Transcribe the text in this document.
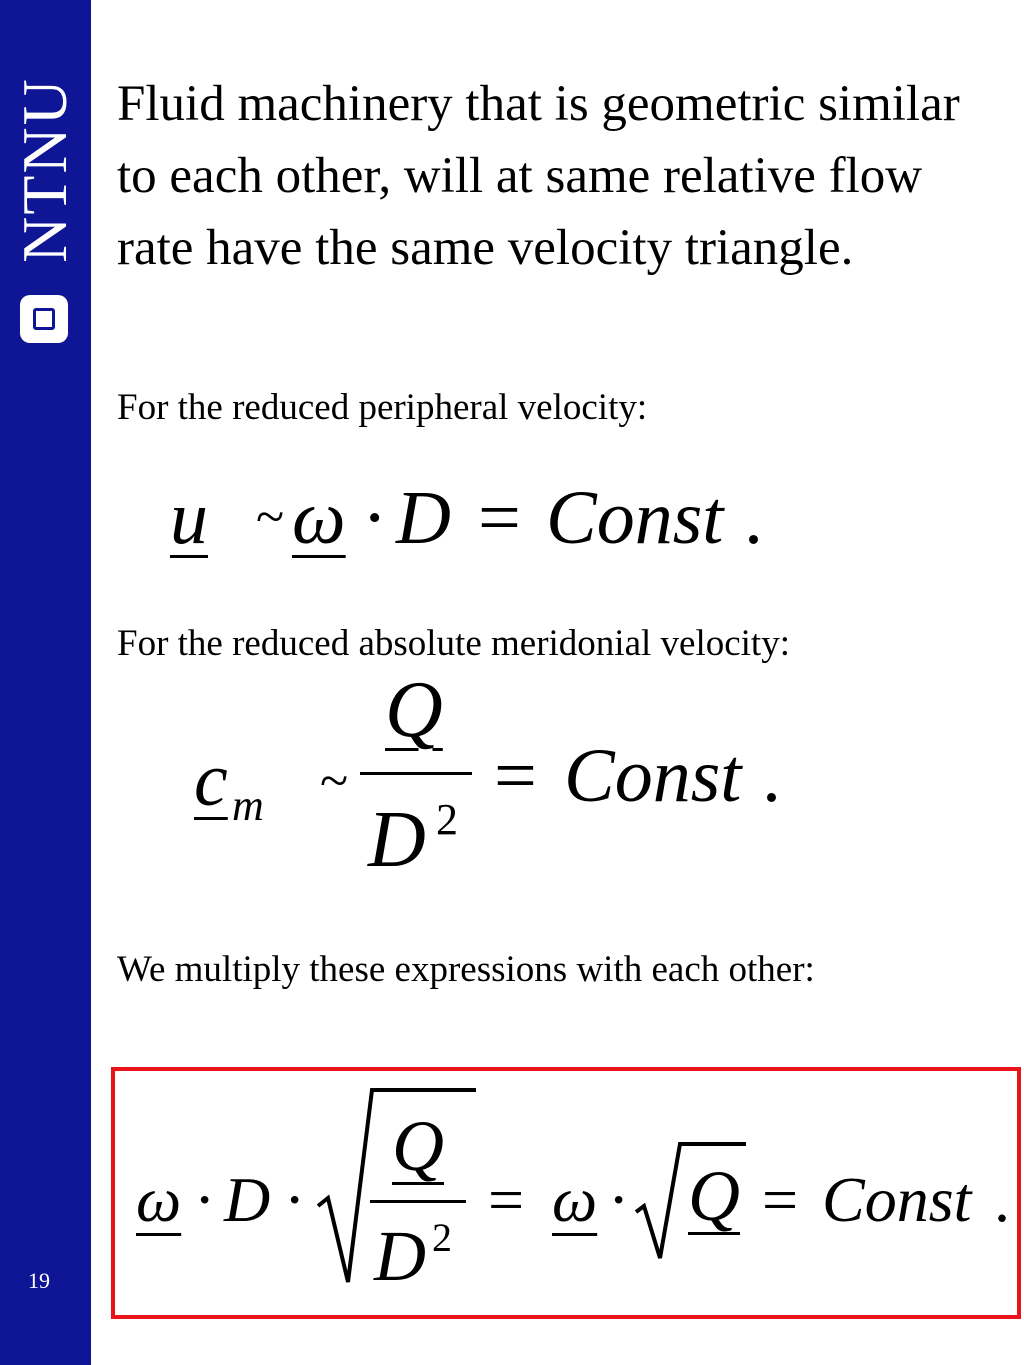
NTNU
19

Fluid machinery that is geometric similar to each other, will at same relative flow rate have the same velocity triangle.

For the reduced peripheral velocity:

u ~ ω · D = Const .

For the reduced absolute meridonial velocity:

c m ~
Q
D 2
= Const .

We multiply these expressions with each other:

ω · D ·
Q
D 2
= ω · Q = Const .
